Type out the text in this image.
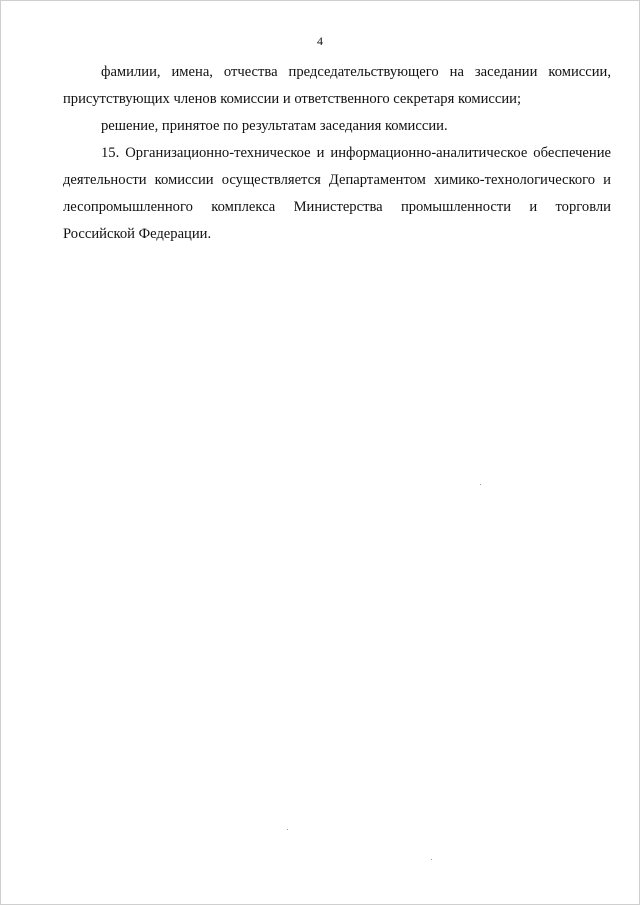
4

фамилии, имена, отчества председательствующего на заседании комиссии, присутствующих членов комиссии и ответственного секретаря комиссии;

решение, принятое по результатам заседания комиссии.

15. Организационно-техническое и информационно-аналитическое обеспечение деятельности комиссии осуществляется Департаментом химико-технологического и лесопромышленного комплекса Министерства промышленности и торговли Российской Федерации.
